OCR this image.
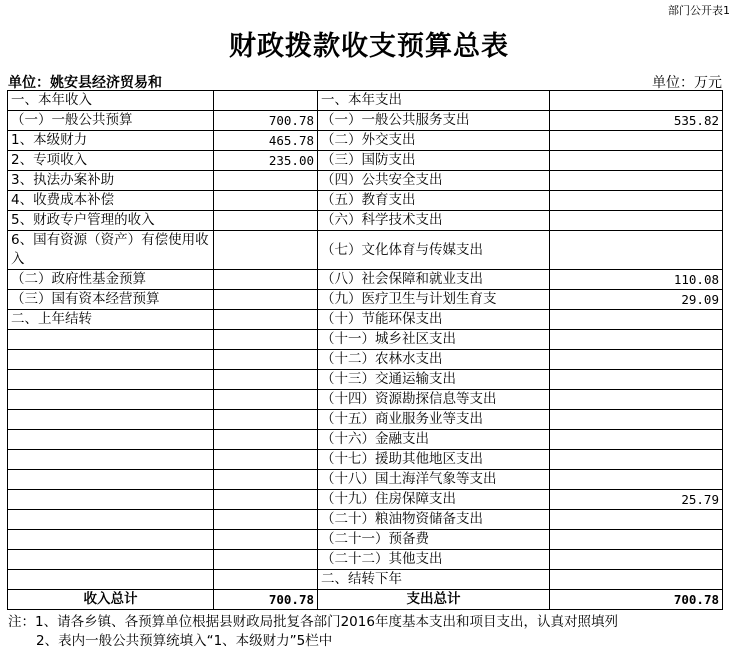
部门公开表1
财政拨款收支预算总表
单位：姚安县经济贸易和	单位：万元
一、本年收入		一、本年支出	
（一）一般公共预算	700.78	（一）一般公共服务支出	535.82
1、本级财力	465.78	（二）外交支出	
2、专项收入	235.00	（三）国防支出	
3、执法办案补助		（四）公共安全支出	
4、收费成本补偿		（五）教育支出	
5、财政专户管理的收入		（六）科学技术支出	
6、国有资源（资产）有偿使用收入		（七）文化体育与传媒支出	
（二）政府性基金预算		（八）社会保障和就业支出	110.08
（三）国有资本经营预算		（九）医疗卫生与计划生育支	29.09
二、上年结转		（十）节能环保支出	
		（十一）城乡社区支出	
		（十二）农林水支出	
		（十三）交通运输支出	
		（十四）资源勘探信息等支出	
		（十五）商业服务业等支出	
		（十六）金融支出	
		（十七）援助其他地区支出	
		（十八）国土海洋气象等支出	
		（十九）住房保障支出	25.79
		（二十）粮油物资储备支出	
		（二十一）预备费	
		（二十二）其他支出	
		二、结转下年	
收入总计	700.78	支出总计	700.78
注：1、请各乡镇、各预算单位根据县财政局批复各部门2016年度基本支出和项目支出，认真对照填列
2、表内一般公共预算统填入“1、本级财力”5栏中
